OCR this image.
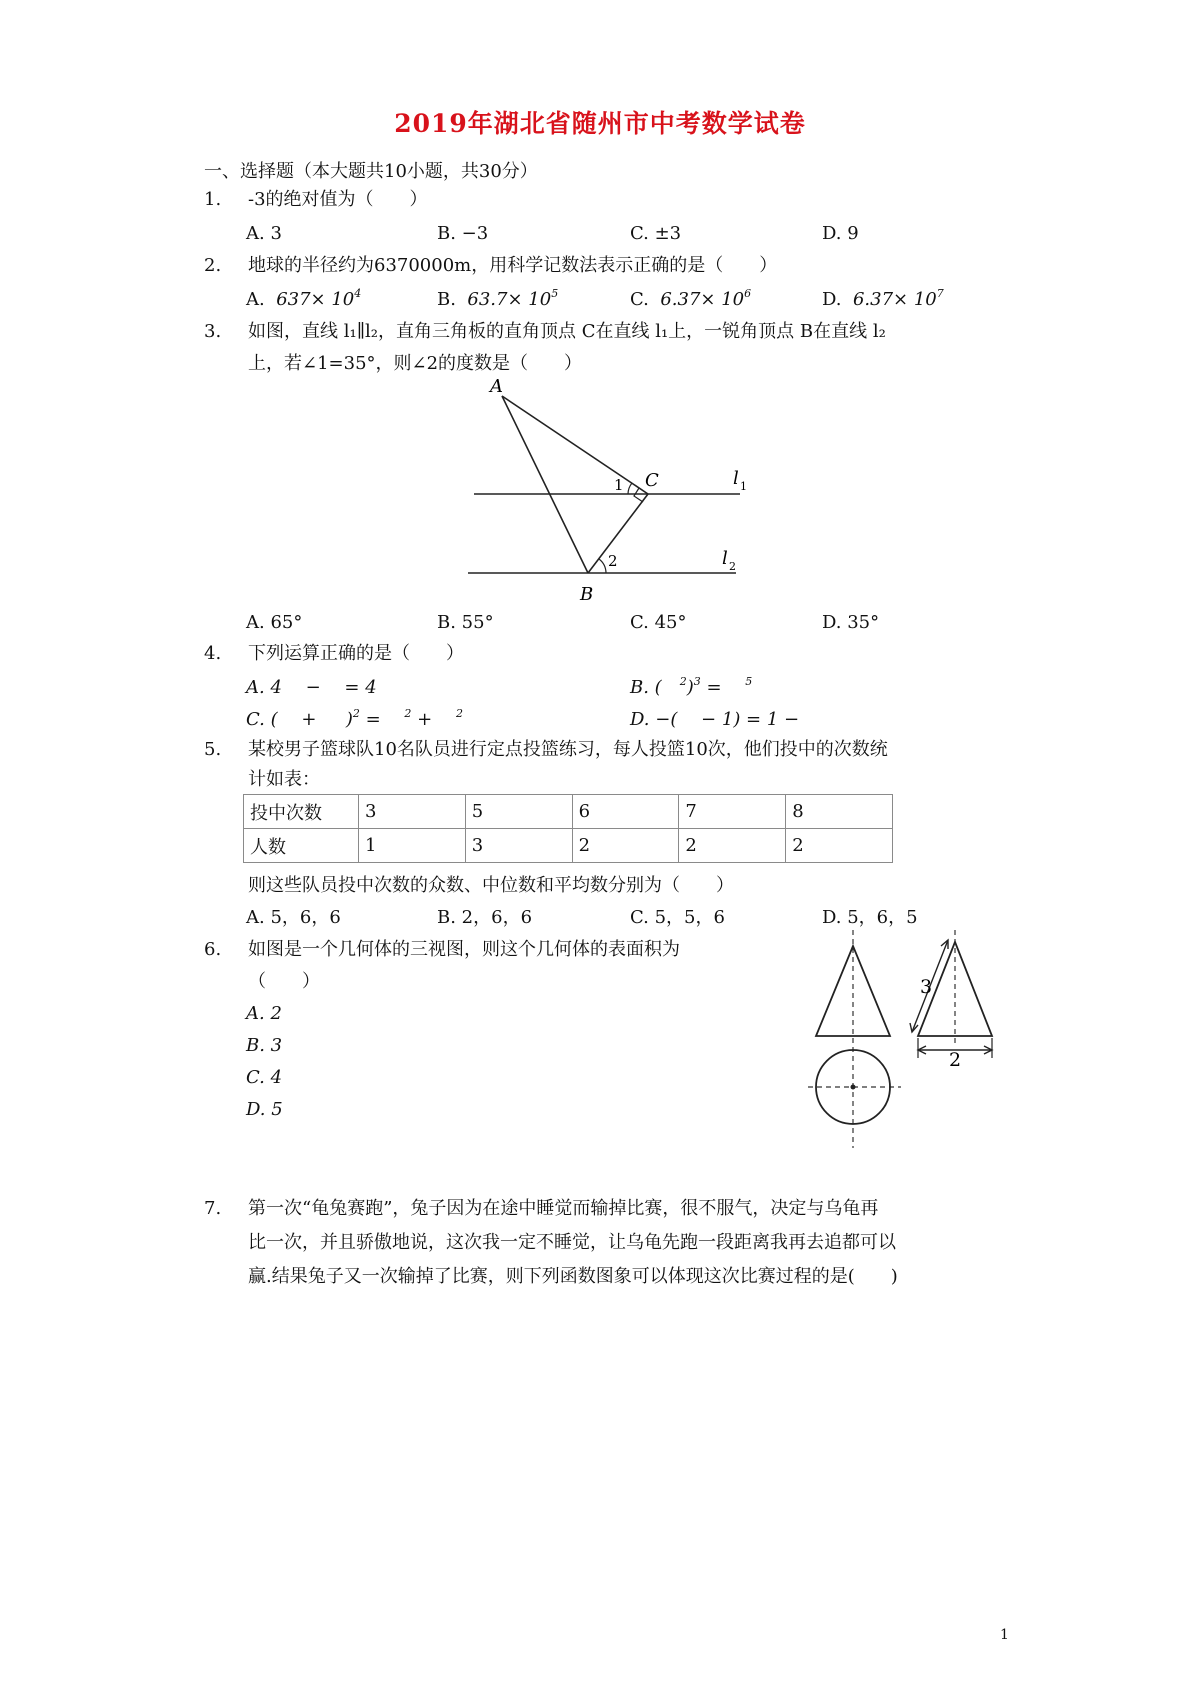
2019年湖北省随州市中考数学试卷
一、选择题（本大题共10小题，共30分）
1. -3的绝对值为（　　）
A. 3	B. −3	C. ±3	D. 9
2. 地球的半径约为6370000m，用科学记数法表示正确的是（　　）
A. $637\times 10^4$	B. $63.7\times 10^5$	C. $6.37\times 10^6$	D. $6.37\times 10^7$
3. 如图，直线 l₁∥l₂，直角三角板的直角顶点 C在直线 l₁上，一锐角顶点 B在直线 l₂
上，若∠1=35°，则∠2的度数是（　　）
A
C
B
1
2
l 1
l 2
A. 65°	B. 55°	C. 45°	D. 35°
4. 下列运算正确的是（　　）
A. 4　 −　 = 4	B. (　$^2$)$^3$ = 　$^5$
C. (　 + 　 )$^2$ = 　$^2$ + 　$^2$	D. −(　 − 1) = 1 −
5. 某校男子篮球队10名队员进行定点投篮练习，每人投篮10次，他们投中的次数统
计如表：
投中次数	3	5	6	7	8
人数	1	3	2	2	2
则这些队员投中次数的众数、中位数和平均数分别为（　　）
A. 5，6，6	B. 2，6，6	C. 5，5，6	D. 5，6，5
6. 如图是一个几何体的三视图，则这个几何体的表面积为
（　　）
A. 2
B. 3
C. 4
D. 5
3
2
7. 第一次“龟兔赛跑”，兔子因为在途中睡觉而输掉比赛，很不服气，决定与乌龟再
比一次，并且骄傲地说，这次我一定不睡觉，让乌龟先跑一段距离我再去追都可以
赢.结果兔子又一次输掉了比赛，则下列函数图象可以体现这次比赛过程的是(　　)
1
